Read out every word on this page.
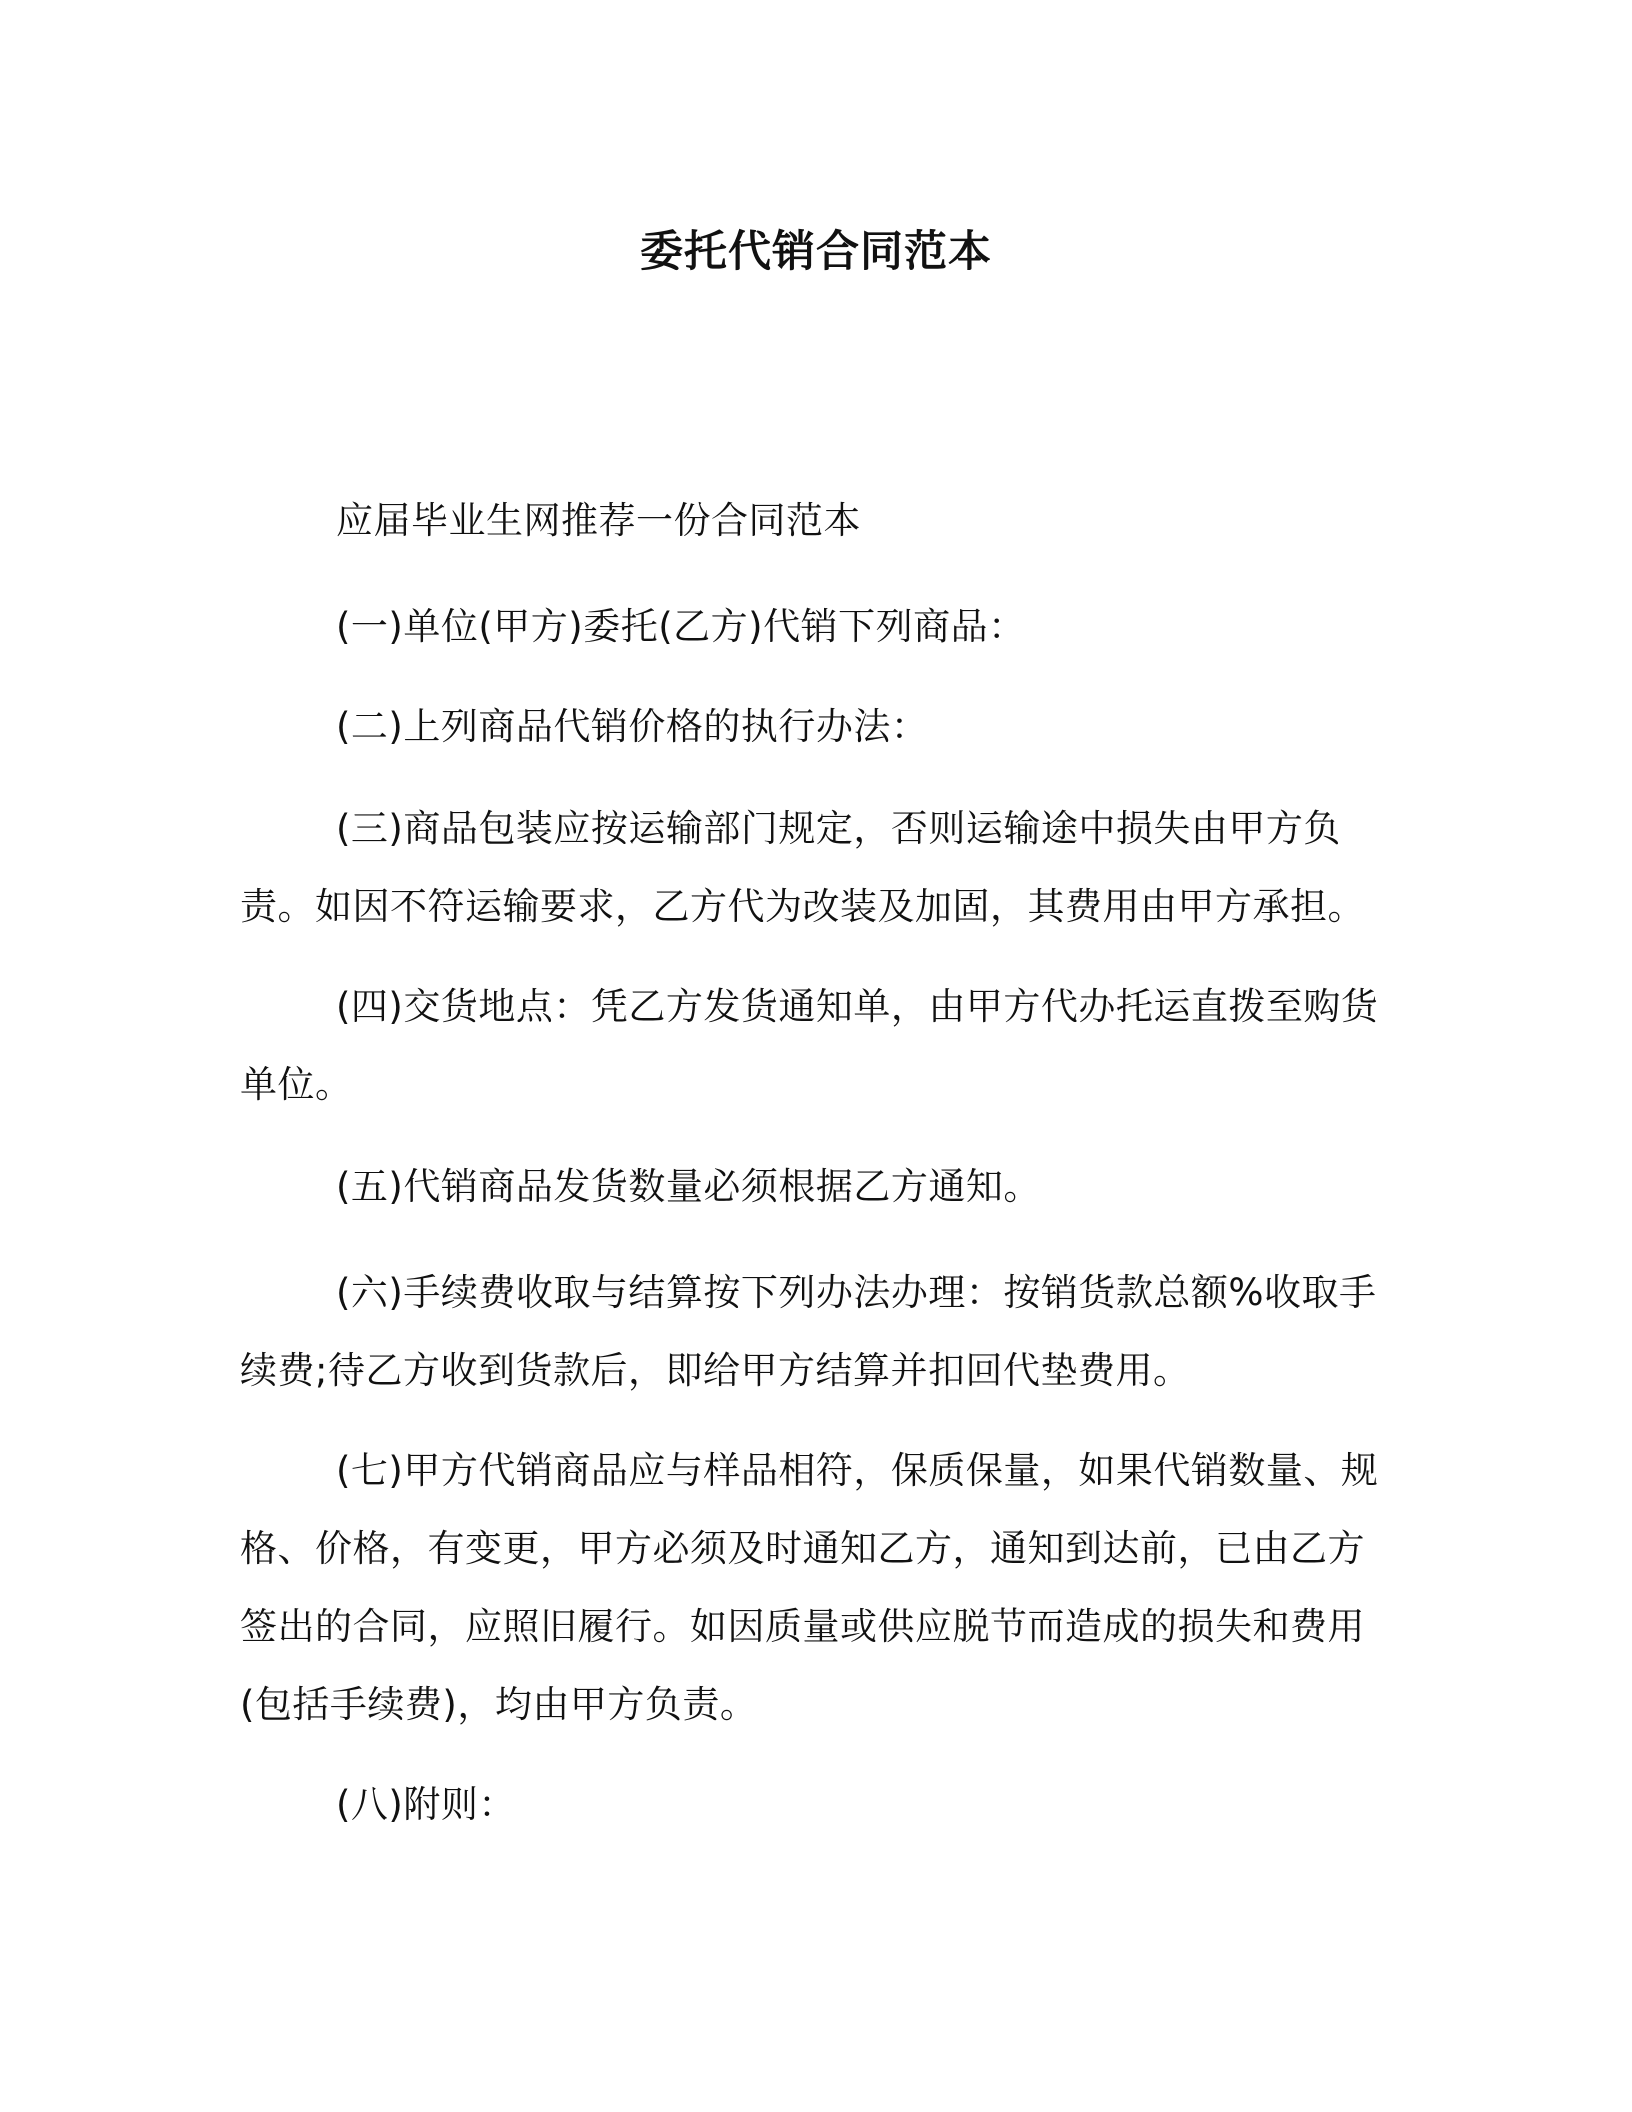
委托代销合同范本

应届毕业生网推荐一份合同范本

(一)单位(甲方)委托(乙方)代销下列商品：

(二)上列商品代销价格的执行办法：

(三)商品包装应按运输部门规定，否则运输途中损失由甲方负责。如因不符运输要求，乙方代为改装及加固，其费用由甲方承担。

(四)交货地点：凭乙方发货通知单，由甲方代办托运直拨至购货单位。

(五)代销商品发货数量必须根据乙方通知。

(六)手续费收取与结算按下列办法办理：按销货款总额%收取手续费;待乙方收到货款后，即给甲方结算并扣回代垫费用。

(七)甲方代销商品应与样品相符，保质保量，如果代销数量、规格、价格，有变更，甲方必须及时通知乙方，通知到达前，已由乙方签出的合同，应照旧履行。如因质量或供应脱节而造成的损失和费用(包括手续费)，均由甲方负责。

(八)附则：
